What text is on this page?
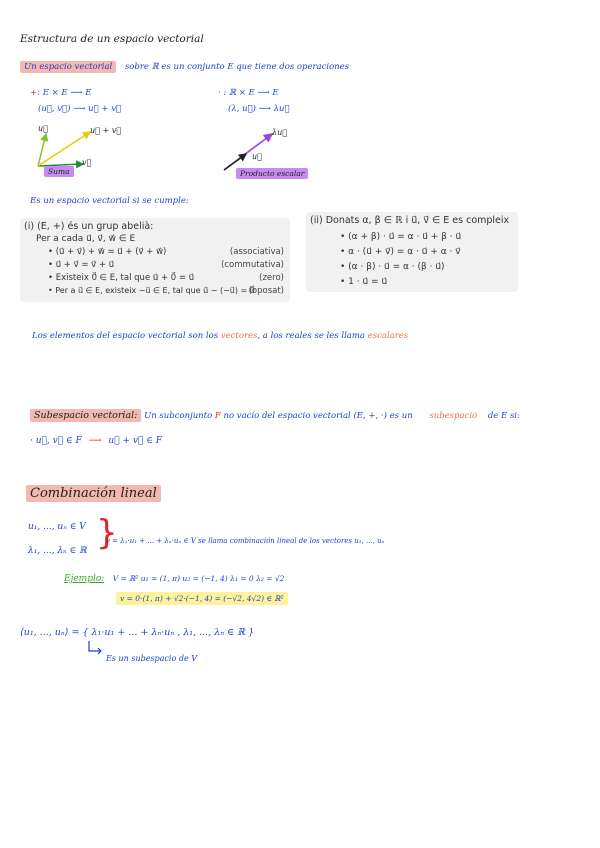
Estructura de un espacio vectorial
Un espacio vectorial sobre ℝ es un conjunto E que tiene dos operaciones
+: E × E ⟶ E
(u⃗, v⃗) ⟶ u⃗ + v⃗
u⃗	u⃗ + v⃗
v⃗
Suma
· : ℝ × E ⟶ E
(λ, u⃗) ⟶ λu⃗
λu⃗
u⃗
Producto escalar
Es un espacio vectorial si se cumple:
(i) (E, +) és un grup abelià:
Per a cada u⃗, v⃗, w⃗ ∈ E
• (u⃗ + v⃗) + w⃗ = u⃗ + (v⃗ + w⃗)	(associativa)
• u⃗ + v⃗ = v⃗ + u⃗	(commutativa)
• Existeix 0⃗ ∈ E, tal que u⃗ + 0⃗ = u⃗	(zero)
• Per a u⃗ ∈ E, existeix −u⃗ ∈ E, tal que u⃗ − (−u⃗) = 0⃗
(oposat)
(ii) Donats α, β ∈ ℝ i u⃗, v⃗ ∈ E es compleix
• (α + β) · u⃗ = α · u⃗ + β · u⃗
• α · (u⃗ + v⃗) = α · u⃗ + α · v⃗
• (α · β) · u⃗ = α · (β · u⃗)
• 1 · u⃗ = u⃗
Los elementos del espacio vectorial son los vectores, a los reales se les llama escalares
Subespacio vectorial: Un subconjunto F no vacío del espacio vectorial (E, +, ·) es un subespacio de E si:
· u⃗, v⃗ ∈ F ⟶ u⃗ + v⃗ ∈ F
Combinación lineal
u₁, ..., uₙ ∈ V
λ₁, ..., λₙ ∈ ℝ }
v = λ₁·u₁ + ... + λₙ·uₙ ∈ V se llama combinación lineal de los vectores u₁, ..., uₙ
Ejemplo: V = ℝ² u₁ = (1, π) u₂ = (−1, 4) λ₁ = 0 λ₂ = √2
v = 0·(1, π) + √2·(−1, 4) = (−√2, 4√2) ∈ ℝ²
⟨u₁, ..., uₙ⟩ = { λ₁·u₁ + ... + λₙ·uₙ , λ₁, ..., λₙ ∈ ℝ }
Es un subespacio de V
